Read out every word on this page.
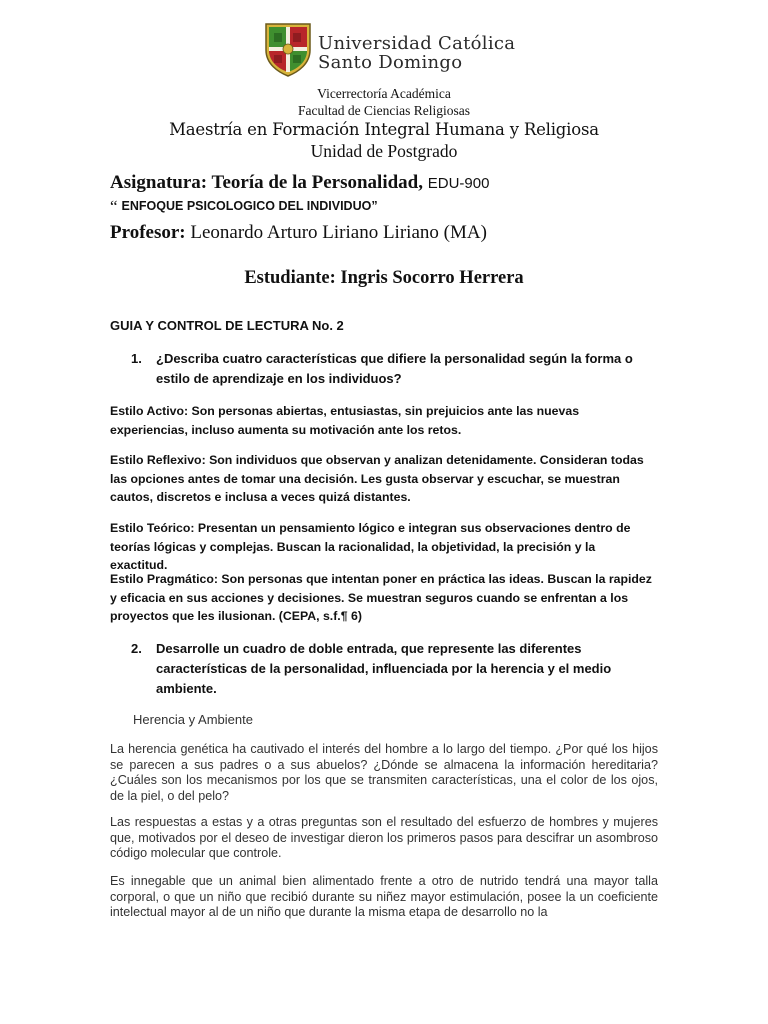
Universidad Católica
Santo Domingo
Vicerrectoría Académica
Facultad de Ciencias Religiosas
Maestría en Formación Integral Humana y Religiosa
Unidad de Postgrado
Asignatura: Teoría de la Personalidad, EDU-900
“ ENFOQUE PSICOLOGICO DEL INDIVIDUO”
Profesor: Leonardo Arturo Liriano Liriano (MA)
Estudiante: Ingris Socorro Herrera
GUIA Y CONTROL DE LECTURA No. 2
1. ¿Describa cuatro características que difiere la personalidad según la forma o estilo de aprendizaje en los individuos?
Estilo Activo: Son personas abiertas, entusiastas, sin prejuicios ante las nuevas experiencias, incluso aumenta su motivación ante los retos.
Estilo Reflexivo: Son individuos que observan y analizan detenidamente. Consideran todas las opciones antes de tomar una decisión. Les gusta observar y escuchar, se muestran cautos, discretos e inclusa a veces quizá distantes.
Estilo Teórico: Presentan un pensamiento lógico e integran sus observaciones dentro de teorías lógicas y complejas. Buscan la racionalidad, la objetividad, la precisión y la exactitud.
Estilo Pragmático: Son personas que intentan poner en práctica las ideas. Buscan la rapidez y eficacia en sus acciones y decisiones. Se muestran seguros cuando se enfrentan a los proyectos que les ilusionan. (CEPA, s.f.¶ 6)
2. Desarrolle un cuadro de doble entrada, que represente las diferentes características de la personalidad, influenciada por la herencia y el medio ambiente.
Herencia y Ambiente
La herencia genética ha cautivado el interés del hombre a lo largo del tiempo. ¿Por qué los hijos se parecen a sus padres o a sus abuelos? ¿Dónde se almacena la información hereditaria? ¿Cuáles son los mecanismos por los que se transmiten características, una el color de los ojos, de la piel, o del pelo?
Las respuestas a estas y a otras preguntas son el resultado del esfuerzo de hombres y mujeres que, motivados por el deseo de investigar dieron los primeros pasos para descifrar un asombroso código molecular que controle.
Es innegable que un animal bien alimentado frente a otro de nutrido tendrá una mayor talla corporal, o que un niño que recibió durante su niñez mayor estimulación, posee la un coeficiente intelectual mayor al de un niño que durante la misma etapa de desarrollo no la
